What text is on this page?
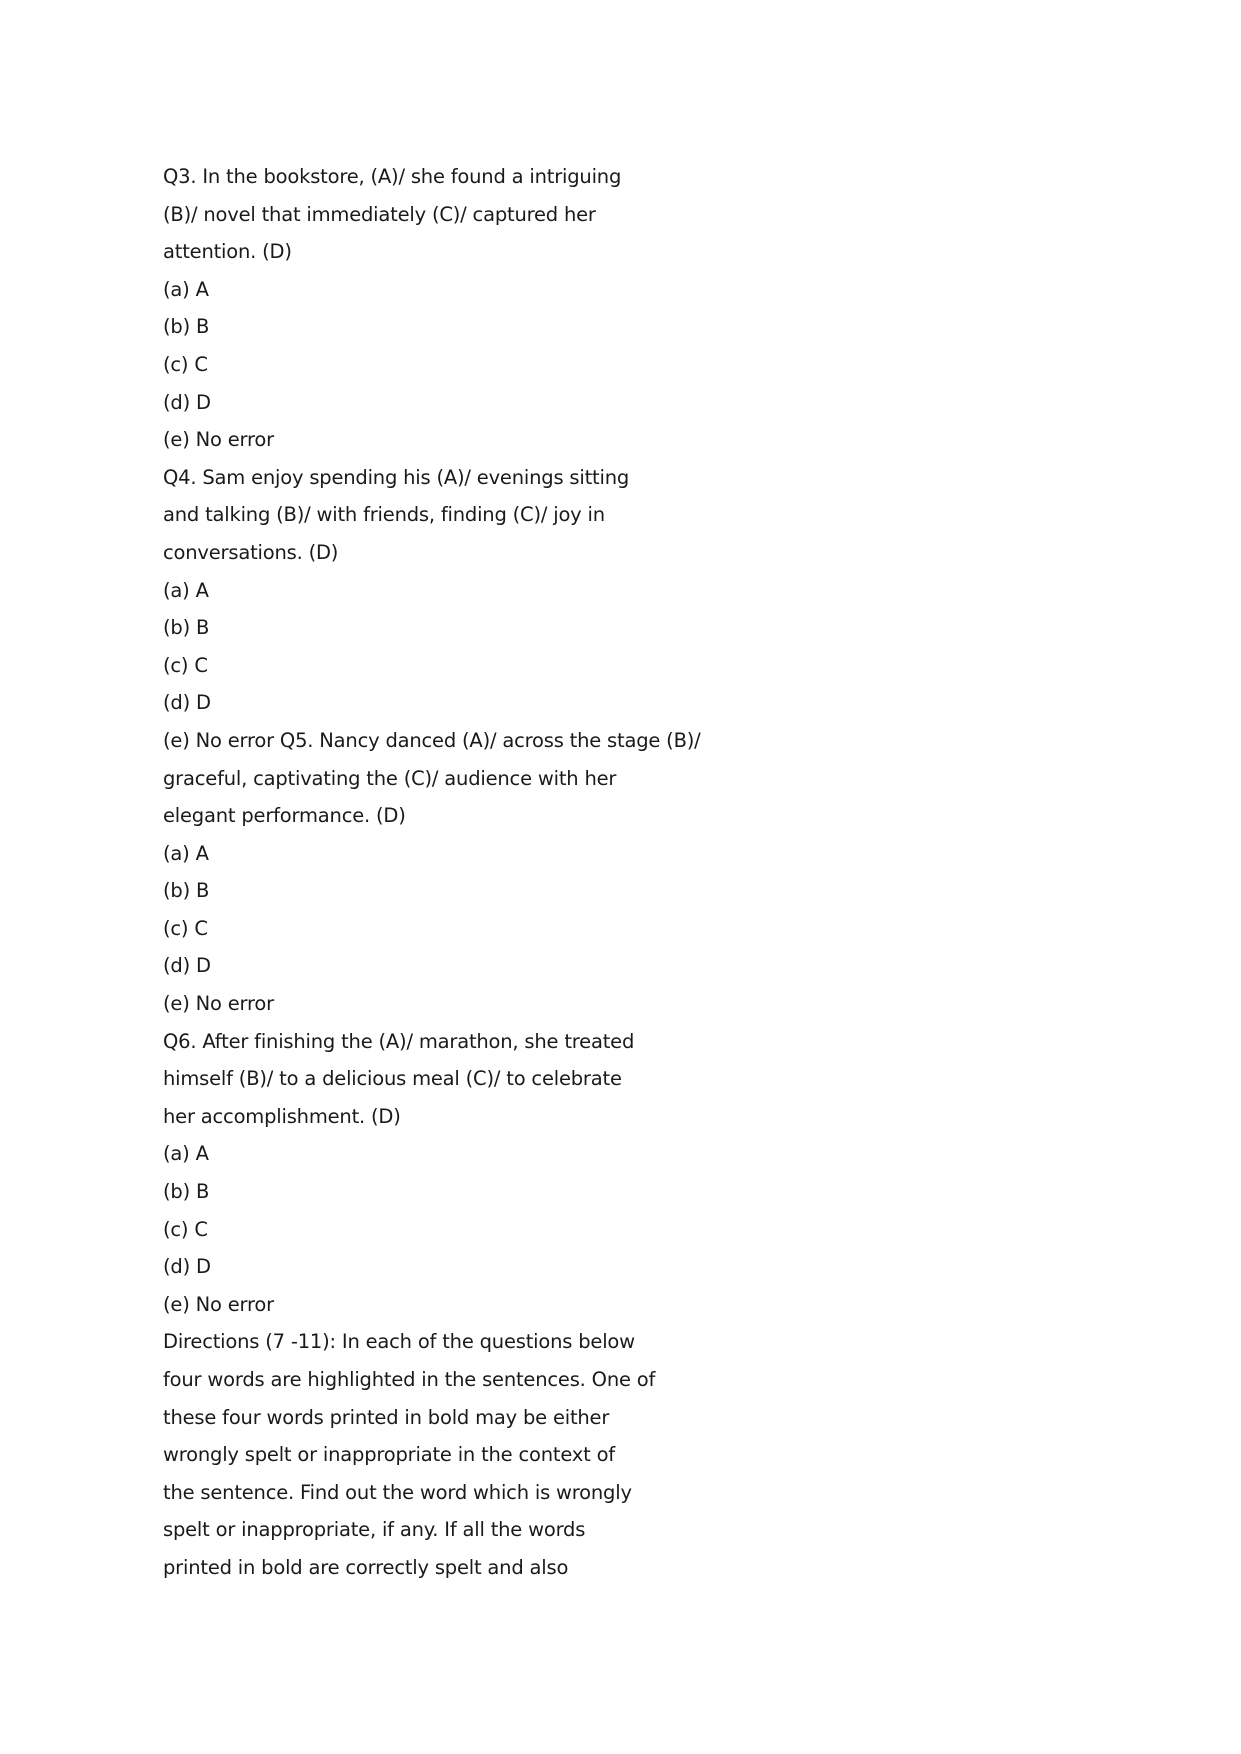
Q3. In the bookstore, (A)/ she found a intriguing
(B)/ novel that immediately (C)/ captured her
attention. (D)
(a) A
(b) B
(c) C
(d) D
(e) No error
Q4. Sam enjoy spending his (A)/ evenings sitting
and talking (B)/ with friends, finding (C)/ joy in
conversations. (D)
(a) A
(b) B
(c) C
(d) D
(e) No error Q5. Nancy danced (A)/ across the stage (B)/
graceful, captivating the (C)/ audience with her
elegant performance. (D)
(a) A
(b) B
(c) C
(d) D
(e) No error
Q6. After finishing the (A)/ marathon, she treated
himself (B)/ to a delicious meal (C)/ to celebrate
her accomplishment. (D)
(a) A
(b) B
(c) C
(d) D
(e) No error
Directions (7 -11): In each of the questions below
four words are highlighted in the sentences. One of
these four words printed in bold may be either
wrongly spelt or inappropriate in the context of
the sentence. Find out the word which is wrongly
spelt or inappropriate, if any. If all the words
printed in bold are correctly spelt and also
